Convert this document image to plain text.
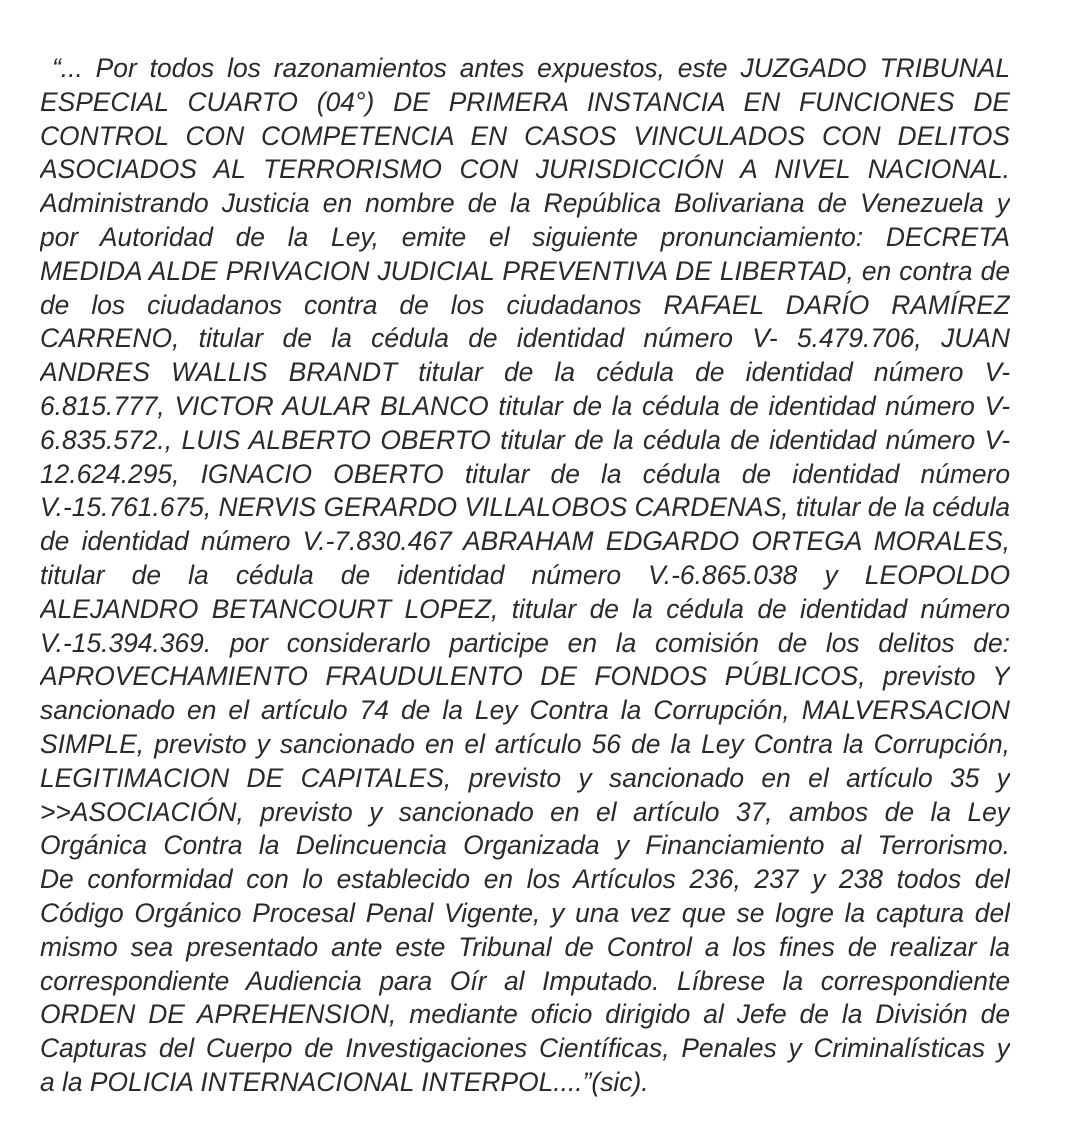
“... Por todos los razonamientos antes expuestos, este JUZGADO TRIBUNAL
ESPECIAL CUARTO (04°) DE PRIMERA INSTANCIA EN FUNCIONES DE
CONTROL CON COMPETENCIA EN CASOS VINCULADOS CON DELITOS
ASOCIADOS AL TERRORISMO CON JURISDICCIÓN A NIVEL NACIONAL.
Administrando Justicia en nombre de la República Bolivariana de Venezuela y
por Autoridad de la Ley, emite el siguiente pronunciamiento: DECRETA
MEDIDA ALDE PRIVACION JUDICIAL PREVENTIVA DE LIBERTAD, en contra de
de los ciudadanos contra de los ciudadanos RAFAEL DARÍO RAMÍREZ
CARRENO, titular de la cédula de identidad número V- 5.479.706, JUAN
ANDRES WALLIS BRANDT titular de la cédula de identidad número V-
6.815.777, VICTOR AULAR BLANCO titular de la cédula de identidad número V-
6.835.572., LUIS ALBERTO OBERTO titular de la cédula de identidad número V-
12.624.295, IGNACIO OBERTO titular de la cédula de identidad número
V.-15.761.675, NERVIS GERARDO VILLALOBOS CARDENAS, titular de la cédula
de identidad número V.-7.830.467 ABRAHAM EDGARDO ORTEGA MORALES,
titular de la cédula de identidad número V.-6.865.038 y LEOPOLDO
ALEJANDRO BETANCOURT LOPEZ, titular de la cédula de identidad número
V.-15.394.369. por considerarlo participe en la comisión de los delitos de:
APROVECHAMIENTO FRAUDULENTO DE FONDOS PÚBLICOS, previsto Y
sancionado en el artículo 74 de la Ley Contra la Corrupción, MALVERSACION
SIMPLE, previsto y sancionado en el artículo 56 de la Ley Contra la Corrupción,
LEGITIMACION DE CAPITALES, previsto y sancionado en el artículo 35 y
>>ASOCIACIÓN, previsto y sancionado en el artículo 37, ambos de la Ley
Orgánica Contra la Delincuencia Organizada y Financiamiento al Terrorismo.
De conformidad con lo establecido en los Artículos 236, 237 y 238 todos del
Código Orgánico Procesal Penal Vigente, y una vez que se logre la captura del
mismo sea presentado ante este Tribunal de Control a los fines de realizar la
correspondiente Audiencia para Oír al Imputado. Líbrese la correspondiente
ORDEN DE APREHENSION, mediante oficio dirigido al Jefe de la División de
Capturas del Cuerpo de Investigaciones Científicas, Penales y Criminalísticas y
a la POLICIA INTERNACIONAL INTERPOL....”(sic).
